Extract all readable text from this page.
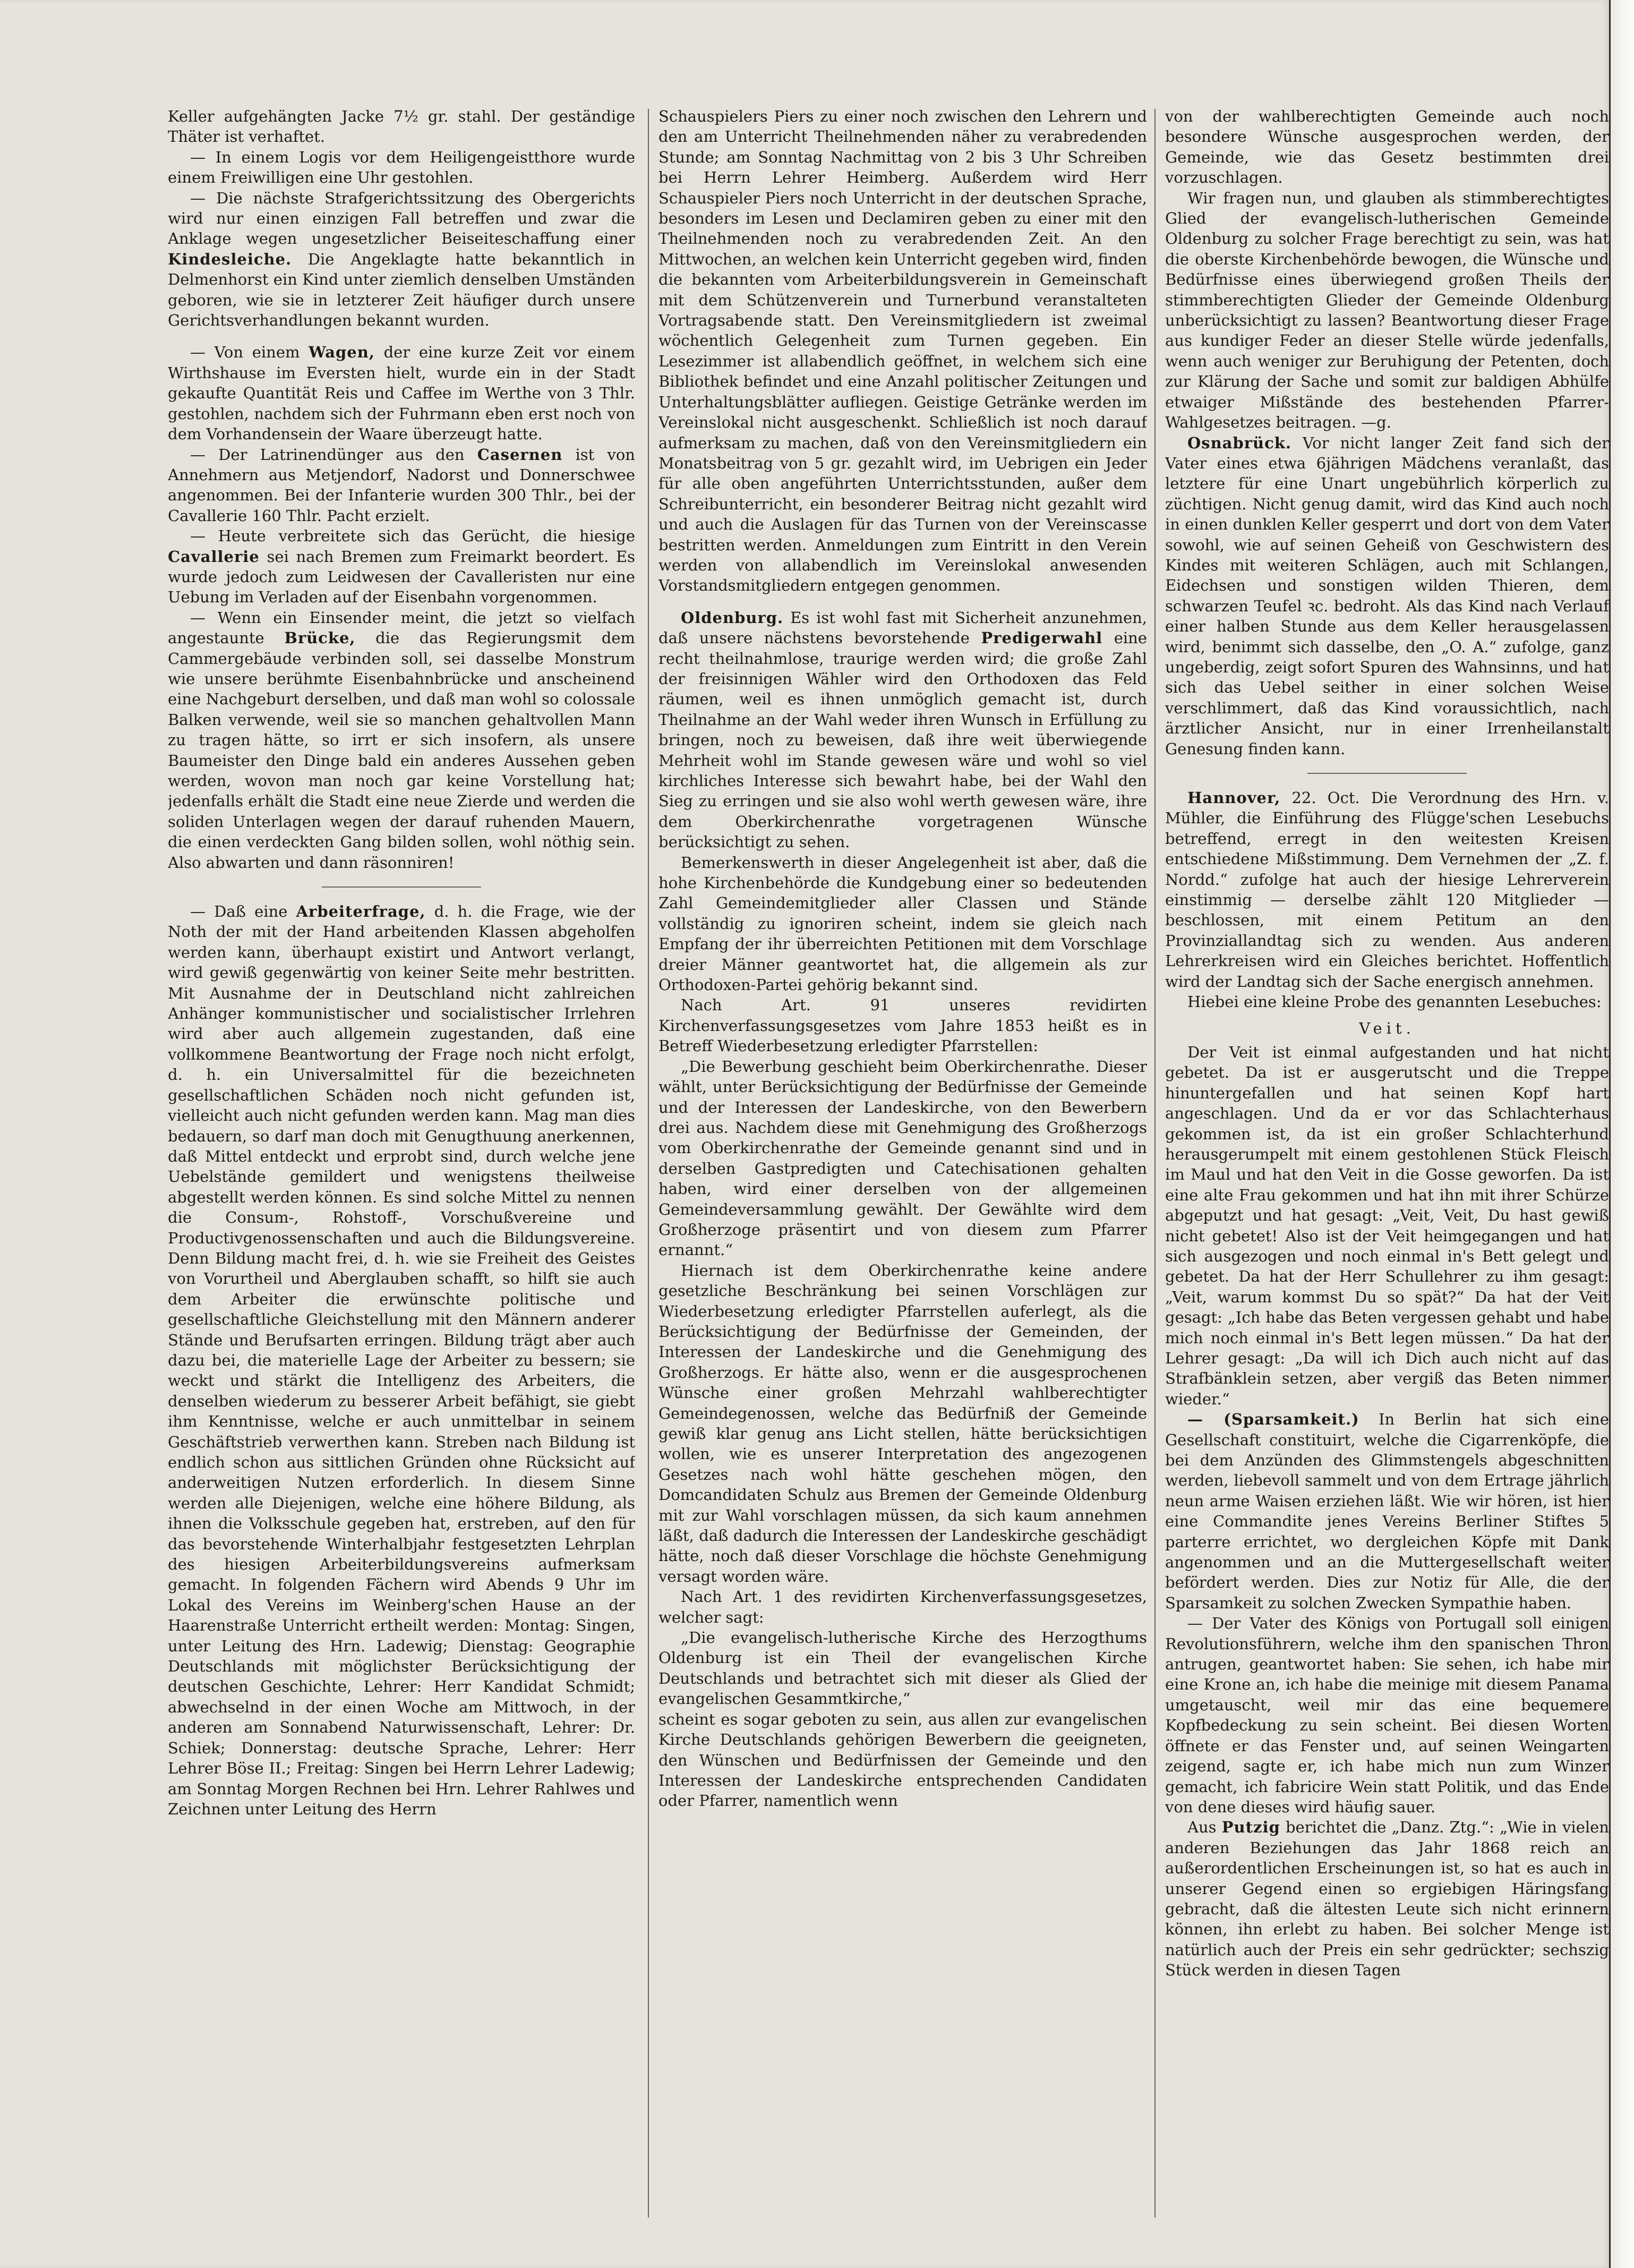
Keller aufgehängten Jacke 7½ gr. stahl. Der geständige Thäter ist verhaftet.

— In einem Logis vor dem Heiligengeistthore wurde einem Freiwilligen eine Uhr gestohlen.

— Die nächste Strafgerichtssitzung des Obergerichts wird nur einen einzigen Fall betreffen und zwar die Anklage wegen ungesetzlicher Beiseiteschaffung einer Kindesleiche. Die Angeklagte hatte bekanntlich in Delmenhorst ein Kind unter ziemlich denselben Umständen geboren, wie sie in letzterer Zeit häufiger durch unsere Gerichtsverhandlungen bekannt wurden.

— Von einem Wagen, der eine kurze Zeit vor einem Wirthshause im Eversten hielt, wurde ein in der Stadt gekaufte Quantität Reis und Caffee im Werthe von 3 Thlr. gestohlen, nachdem sich der Fuhrmann eben erst noch von dem Vorhandensein der Waare überzeugt hatte.

— Der Latrinendünger aus den Casernen ist von Annehmern aus Metjendorf, Nadorst und Donnerschwee angenommen. Bei der Infanterie wurden 300 Thlr., bei der Cavallerie 160 Thlr. Pacht erzielt.

— Heute verbreitete sich das Gerücht, die hiesige Cavallerie sei nach Bremen zum Freimarkt beordert. Es wurde jedoch zum Leidwesen der Cavalleristen nur eine Uebung im Verladen auf der Eisenbahn vorgenommen.

— Wenn ein Einsender meint, die jetzt so vielfach angestaunte Brücke, die das Regierungsmit dem Cammergebäude verbinden soll, sei dasselbe Monstrum wie unsere berühmte Eisenbahnbrücke und anscheinend eine Nachgeburt derselben, und daß man wohl so colossale Balken verwende, weil sie so manchen gehaltvollen Mann zu tragen hätte, so irrt er sich insofern, als unsere Baumeister den Dinge bald ein anderes Aussehen geben werden, wovon man noch gar keine Vorstellung hat; jedenfalls erhält die Stadt eine neue Zierde und werden die soliden Unterlagen wegen der darauf ruhenden Mauern, die einen verdeckten Gang bilden sollen, wohl nöthig sein. Also abwarten und dann räsonniren!

— Daß eine Arbeiterfrage, d. h. die Frage, wie der Noth der mit der Hand arbeitenden Klassen abgeholfen werden kann, überhaupt existirt und Antwort verlangt, wird gewiß gegenwärtig von keiner Seite mehr bestritten. Mit Ausnahme der in Deutschland nicht zahlreichen Anhänger kommunistischer und socialistischer Irrlehren wird aber auch allgemein zugestanden, daß eine vollkommene Beantwortung der Frage noch nicht erfolgt, d. h. ein Universalmittel für die bezeichneten gesellschaftlichen Schäden noch nicht gefunden ist, vielleicht auch nicht gefunden werden kann. Mag man dies bedauern, so darf man doch mit Genugthuung anerkennen, daß Mittel entdeckt und erprobt sind, durch welche jene Uebelstände gemildert und wenigstens theilweise abgestellt werden können. Es sind solche Mittel zu nennen die Consum-, Rohstoff-, Vorschußvereine und Productivgenossenschaften und auch die Bildungsvereine. Denn Bildung macht frei, d. h. wie sie Freiheit des Geistes von Vorurtheil und Aberglauben schafft, so hilft sie auch dem Arbeiter die erwünschte politische und gesellschaftliche Gleichstellung mit den Männern anderer Stände und Berufsarten erringen. Bildung trägt aber auch dazu bei, die materielle Lage der Arbeiter zu bessern; sie weckt und stärkt die Intelligenz des Arbeiters, die denselben wiederum zu besserer Arbeit befähigt, sie giebt ihm Kenntnisse, welche er auch unmittelbar in seinem Geschäftstrieb verwerthen kann. Streben nach Bildung ist endlich schon aus sittlichen Gründen ohne Rücksicht auf anderweitigen Nutzen erforderlich. In diesem Sinne werden alle Diejenigen, welche eine höhere Bildung, als ihnen die Volksschule gegeben hat, erstreben, auf den für das bevorstehende Winterhalbjahr festgesetzten Lehrplan des hiesigen Arbeiterbildungsvereins aufmerksam gemacht. In folgenden Fächern wird Abends 9 Uhr im Lokal des Vereins im Weinberg'schen Hause an der Haarenstraße Unterricht ertheilt werden: Montag: Singen, unter Leitung des Hrn. Ladewig; Dienstag: Geographie Deutschlands mit möglichster Berücksichtigung der deutschen Geschichte, Lehrer: Herr Kandidat Schmidt; abwechselnd in der einen Woche am Mittwoch, in der anderen am Sonnabend Naturwissenschaft, Lehrer: Dr. Schiek; Donnerstag: deutsche Sprache, Lehrer: Herr Lehrer Böse II.; Freitag: Singen bei Herrn Lehrer Ladewig; am Sonntag Morgen Rechnen bei Hrn. Lehrer Rahlwes und Zeichnen unter Leitung des Herrn

Schauspielers Piers zu einer noch zwischen den Lehrern und den am Unterricht Theilnehmenden näher zu verabredenden Stunde; am Sonntag Nachmittag von 2 bis 3 Uhr Schreiben bei Herrn Lehrer Heimberg. Außerdem wird Herr Schauspieler Piers noch Unterricht in der deutschen Sprache, besonders im Lesen und Declamiren geben zu einer mit den Theilnehmenden noch zu verabredenden Zeit. An den Mittwochen, an welchen kein Unterricht gegeben wird, finden die bekannten vom Arbeiterbildungsverein in Gemeinschaft mit dem Schützenverein und Turnerbund veranstalteten Vortragsabende statt. Den Vereinsmitgliedern ist zweimal wöchentlich Gelegenheit zum Turnen gegeben. Ein Lesezimmer ist allabendlich geöffnet, in welchem sich eine Bibliothek befindet und eine Anzahl politischer Zeitungen und Unterhaltungsblätter aufliegen. Geistige Getränke werden im Vereinslokal nicht ausgeschenkt. Schließlich ist noch darauf aufmerksam zu machen, daß von den Vereinsmitgliedern ein Monatsbeitrag von 5 gr. gezahlt wird, im Uebrigen ein Jeder für alle oben angeführten Unterrichtsstunden, außer dem Schreibunterricht, ein besonderer Beitrag nicht gezahlt wird und auch die Auslagen für das Turnen von der Vereinscasse bestritten werden. Anmeldungen zum Eintritt in den Verein werden von allabendlich im Vereinslokal anwesenden Vorstandsmitgliedern entgegen genommen.

Oldenburg. Es ist wohl fast mit Sicherheit anzunehmen, daß unsere nächstens bevorstehende Predigerwahl eine recht theilnahmlose, traurige werden wird; die große Zahl der freisinnigen Wähler wird den Orthodoxen das Feld räumen, weil es ihnen unmöglich gemacht ist, durch Theilnahme an der Wahl weder ihren Wunsch in Erfüllung zu bringen, noch zu beweisen, daß ihre weit überwiegende Mehrheit wohl im Stande gewesen wäre und wohl so viel kirchliches Interesse sich bewahrt habe, bei der Wahl den Sieg zu erringen und sie also wohl werth gewesen wäre, ihre dem Oberkirchenrathe vorgetragenen Wünsche berücksichtigt zu sehen.

Bemerkenswerth in dieser Angelegenheit ist aber, daß die hohe Kirchenbehörde die Kundgebung einer so bedeutenden Zahl Gemeindemitglieder aller Classen und Stände vollständig zu ignoriren scheint, indem sie gleich nach Empfang der ihr überreichten Petitionen mit dem Vorschlage dreier Männer geantwortet hat, die allgemein als zur Orthodoxen-Partei gehörig bekannt sind.

Nach Art. 91 unseres revidirten Kirchenverfassungsgesetzes vom Jahre 1853 heißt es in Betreff Wiederbesetzung erledigter Pfarrstellen:

„Die Bewerbung geschieht beim Oberkirchenrathe. Dieser wählt, unter Berücksichtigung der Bedürfnisse der Gemeinde und der Interessen der Landeskirche, von den Bewerbern drei aus. Nachdem diese mit Genehmigung des Großherzogs vom Oberkirchenrathe der Gemeinde genannt sind und in derselben Gastpredigten und Catechisationen gehalten haben, wird einer derselben von der allgemeinen Gemeindeversammlung gewählt. Der Gewählte wird dem Großherzoge präsentirt und von diesem zum Pfarrer ernannt.“

Hiernach ist dem Oberkirchenrathe keine andere gesetzliche Beschränkung bei seinen Vorschlägen zur Wiederbesetzung erledigter Pfarrstellen auferlegt, als die Berücksichtigung der Bedürfnisse der Gemeinden, der Interessen der Landeskirche und die Genehmigung des Großherzogs. Er hätte also, wenn er die ausgesprochenen Wünsche einer großen Mehrzahl wahlberechtigter Gemeindegenossen, welche das Bedürfniß der Gemeinde gewiß klar genug ans Licht stellen, hätte berücksichtigen wollen, wie es unserer Interpretation des angezogenen Gesetzes nach wohl hätte geschehen mögen, den Domcandidaten Schulz aus Bremen der Gemeinde Oldenburg mit zur Wahl vorschlagen müssen, da sich kaum annehmen läßt, daß dadurch die Interessen der Landeskirche geschädigt hätte, noch daß dieser Vorschlage die höchste Genehmigung versagt worden wäre.

Nach Art. 1 des revidirten Kirchenverfassungsgesetzes, welcher sagt:

„Die evangelisch-lutherische Kirche des Herzogthums Oldenburg ist ein Theil der evangelischen Kirche Deutschlands und betrachtet sich mit dieser als Glied der evangelischen Gesammtkirche,“

scheint es sogar geboten zu sein, aus allen zur evangelischen Kirche Deutschlands gehörigen Bewerbern die geeigneten, den Wünschen und Bedürfnissen der Gemeinde und den Interessen der Landeskirche entsprechenden Candidaten oder Pfarrer, namentlich wenn

von der wahlberechtigten Gemeinde auch noch besondere Wünsche ausgesprochen werden, der Gemeinde, wie das Gesetz bestimmten drei vorzuschlagen.

Wir fragen nun, und glauben als stimmberechtigtes Glied der evangelisch-lutherischen Gemeinde Oldenburg zu solcher Frage berechtigt zu sein, was hat die oberste Kirchenbehörde bewogen, die Wünsche und Bedürfnisse eines überwiegend großen Theils der stimmberechtigten Glieder der Gemeinde Oldenburg unberücksichtigt zu lassen? Beantwortung dieser Frage aus kundiger Feder an dieser Stelle würde jedenfalls, wenn auch weniger zur Beruhigung der Petenten, doch zur Klärung der Sache und somit zur baldigen Abhülfe etwaiger Mißstände des bestehenden Pfarrer-Wahlgesetzes beitragen. —g.

Osnabrück. Vor nicht langer Zeit fand sich der Vater eines etwa 6jährigen Mädchens veranlaßt, das letztere für eine Unart ungebührlich körperlich zu züchtigen. Nicht genug damit, wird das Kind auch noch in einen dunklen Keller gesperrt und dort von dem Vater sowohl, wie auf seinen Geheiß von Geschwistern des Kindes mit weiteren Schlägen, auch mit Schlangen, Eidechsen und sonstigen wilden Thieren, dem schwarzen Teufel ꝛc. bedroht. Als das Kind nach Verlauf einer halben Stunde aus dem Keller herausgelassen wird, benimmt sich dasselbe, den „O. A.“ zufolge, ganz ungeberdig, zeigt sofort Spuren des Wahnsinns, und hat sich das Uebel seither in einer solchen Weise verschlimmert, daß das Kind voraussichtlich, nach ärztlicher Ansicht, nur in einer Irrenheilanstalt Genesung finden kann.

Hannover, 22. Oct. Die Verordnung des Hrn. v. Mühler, die Einführung des Flügge'schen Lesebuchs betreffend, erregt in den weitesten Kreisen entschiedene Mißstimmung. Dem Vernehmen der „Z. f. Nordd.“ zufolge hat auch der hiesige Lehrerverein einstimmig — derselbe zählt 120 Mitglieder — beschlossen, mit einem Petitum an den Provinziallandtag sich zu wenden. Aus anderen Lehrerkreisen wird ein Gleiches berichtet. Hoffentlich wird der Landtag sich der Sache energisch annehmen.

Hiebei eine kleine Probe des genannten Lesebuches:

Veit.

Der Veit ist einmal aufgestanden und hat nicht gebetet. Da ist er ausgerutscht und die Treppe hinuntergefallen und hat seinen Kopf hart angeschlagen. Und da er vor das Schlachterhaus gekommen ist, da ist ein großer Schlachterhund herausgerumpelt mit einem gestohlenen Stück Fleisch im Maul und hat den Veit in die Gosse geworfen. Da ist eine alte Frau gekommen und hat ihn mit ihrer Schürze abgeputzt und hat gesagt: „Veit, Veit, Du hast gewiß nicht gebetet! Also ist der Veit heimgegangen und hat sich ausgezogen und noch einmal in's Bett gelegt und gebetet. Da hat der Herr Schullehrer zu ihm gesagt: „Veit, warum kommst Du so spät?“ Da hat der Veit gesagt: „Ich habe das Beten vergessen gehabt und habe mich noch einmal in's Bett legen müssen.“ Da hat der Lehrer gesagt: „Da will ich Dich auch nicht auf das Strafbänklein setzen, aber vergiß das Beten nimmer wieder.“

— (Sparsamkeit.) In Berlin hat sich eine Gesellschaft constituirt, welche die Cigarrenköpfe, die bei dem Anzünden des Glimmstengels abgeschnitten werden, liebevoll sammelt und von dem Ertrage jährlich neun arme Waisen erziehen läßt. Wie wir hören, ist hier eine Commandite jenes Vereins Berliner Stiftes 5 parterre errichtet, wo dergleichen Köpfe mit Dank angenommen und an die Muttergesellschaft weiter befördert werden. Dies zur Notiz für Alle, die der Sparsamkeit zu solchen Zwecken Sympathie haben.

— Der Vater des Königs von Portugall soll einigen Revolutionsführern, welche ihm den spanischen Thron antrugen, geantwortet haben: Sie sehen, ich habe mir eine Krone an, ich habe die meinige mit diesem Panama umgetauscht, weil mir das eine bequemere Kopfbedeckung zu sein scheint. Bei diesen Worten öffnete er das Fenster und, auf seinen Weingarten zeigend, sagte er, ich habe mich nun zum Winzer gemacht, ich fabricire Wein statt Politik, und das Ende von dene dieses wird häufig sauer.

Aus Putzig berichtet die „Danz. Ztg.“: „Wie in vielen anderen Beziehungen das Jahr 1868 reich an außerordentlichen Erscheinungen ist, so hat es auch in unserer Gegend einen so ergiebigen Häringsfang gebracht, daß die ältesten Leute sich nicht erinnern können, ihn erlebt zu haben. Bei solcher Menge ist natürlich auch der Preis ein sehr gedrückter; sechszig Stück werden in diesen Tagen
